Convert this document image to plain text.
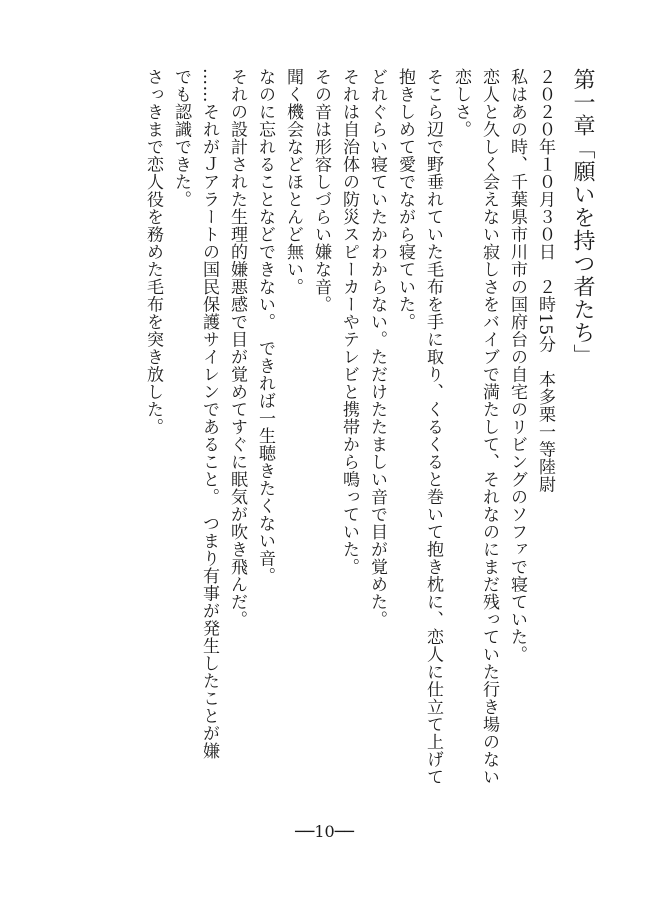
第一章「願いを持つ者たち」

２０２０年１０月３０日　２時15分　本多栗一等陸尉

私はあの時、千葉県市川市の国府台の自宅のリビングのソファで寝ていた。

恋人と久しく会えない寂しさをバイブで満たして、それなのにまだ残っていた行き場のない

恋しさ。

そこら辺で野垂れていた毛布を手に取り、くるくると巻いて抱き枕に、恋人に仕立て上げて

抱きしめて愛でながら寝ていた。

どれぐらい寝ていたかわからない。ただけたたましい音で目が覚めた。

それは自治体の防災スピーカーやテレビと携帯から鳴っていた。

その音は形容しづらい嫌な音。

聞く機会などほとんど無い。

なのに忘れることなどできない。　できれば一生聴きたくない音。

それの設計された生理的嫌悪感で目が覚めてすぐに眠気が吹き飛んだ。

……それがＪアラートの国民保護サイレンであること。　つまり有事が発生したことが嫌

でも認識できた。

さっきまで恋人役を務めた毛布を突き放した。

──10──
